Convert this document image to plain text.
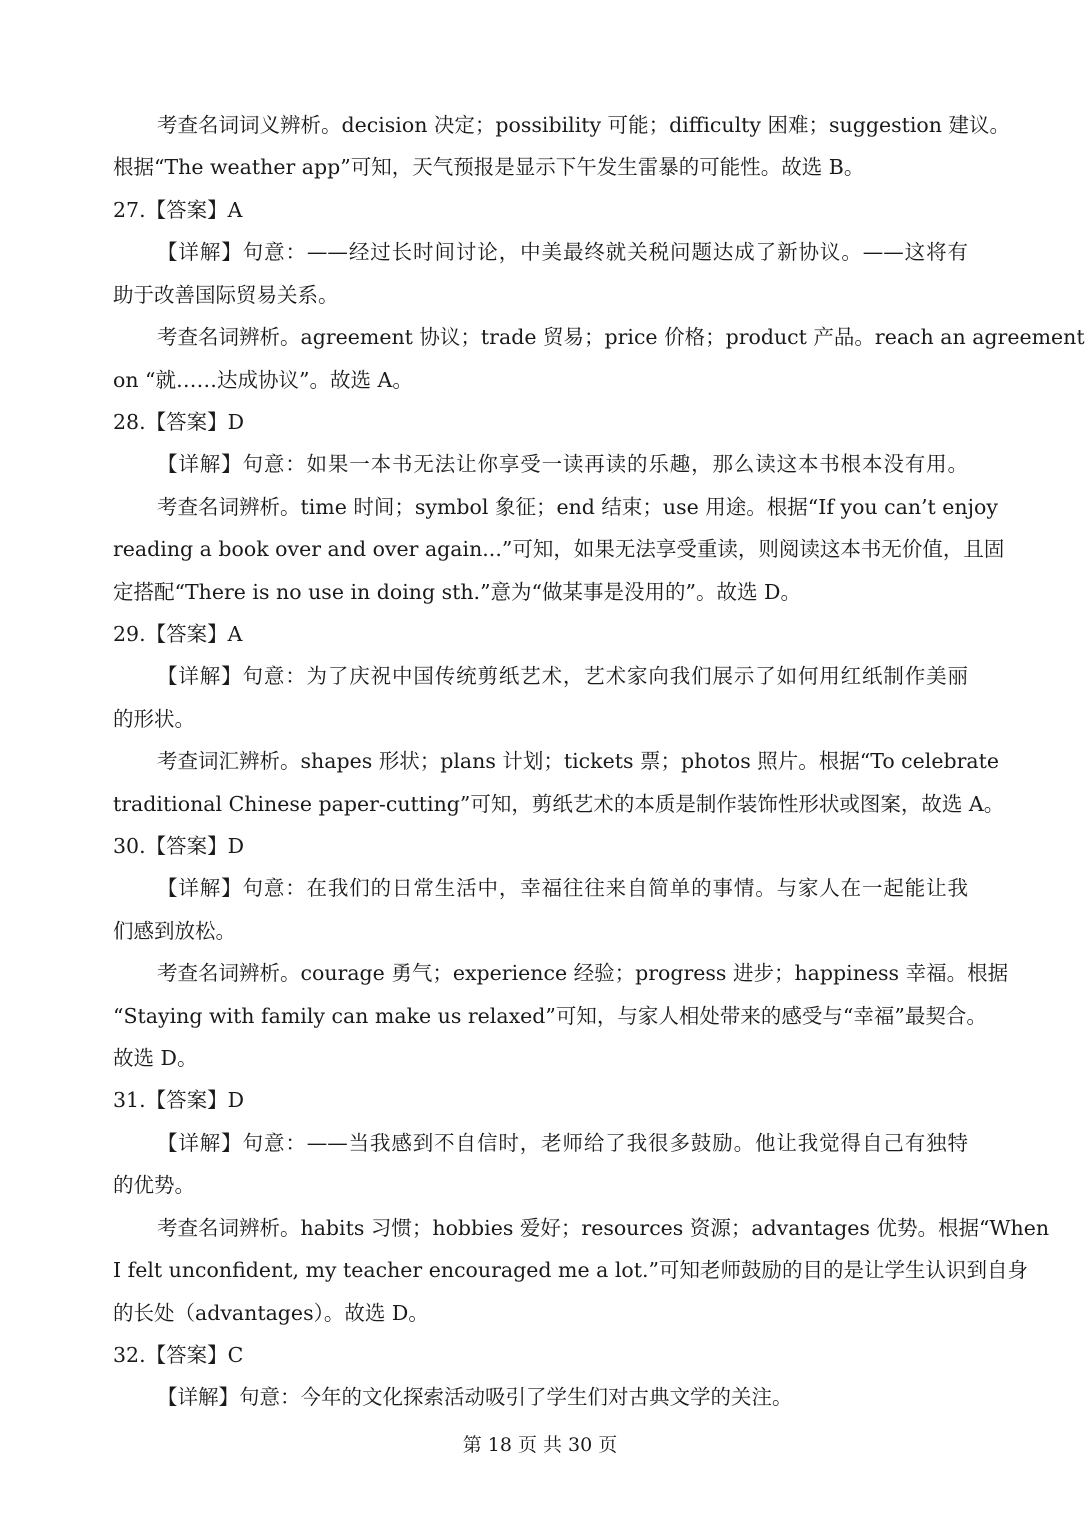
考查名词词义辨析。decision 决定；possibility 可能；difficulty 困难；suggestion 建议。
根据“The weather app”可知，天气预报是显示下午发生雷暴的可能性。故选 B。
27.【答案】A
【详解】句意：——经过长时间讨论，中美最终就关税问题达成了新协议。——这将有
助于改善国际贸易关系。
考查名词辨析。agreement 协议；trade 贸易；price 价格；product 产品。reach an agreement
on “就……达成协议”。故选 A。
28.【答案】D
【详解】句意：如果一本书无法让你享受一读再读的乐趣，那么读这本书根本没有用。
考查名词辨析。time 时间；symbol 象征；end 结束；use 用途。根据“If you can’t enjoy
reading a book over and over again...”可知，如果无法享受重读，则阅读这本书无价值，且固
定搭配“There is no use in doing sth.”意为“做某事是没用的”。故选 D。
29.【答案】A
【详解】句意：为了庆祝中国传统剪纸艺术，艺术家向我们展示了如何用红纸制作美丽
的形状。
考查词汇辨析。shapes 形状；plans 计划；tickets 票；photos 照片。根据“To celebrate
traditional Chinese paper-cutting”可知，剪纸艺术的本质是制作装饰性形状或图案，故选 A。
30.【答案】D
【详解】句意：在我们的日常生活中，幸福往往来自简单的事情。与家人在一起能让我
们感到放松。
考查名词辨析。courage 勇气；experience 经验；progress 进步；happiness 幸福。根据
“Staying with family can make us relaxed”可知，与家人相处带来的感受与“幸福”最契合。
故选 D。
31.【答案】D
【详解】句意：——当我感到不自信时，老师给了我很多鼓励。他让我觉得自己有独特
的优势。
考查名词辨析。habits 习惯；hobbies 爱好；resources 资源；advantages 优势。根据“When
I felt unconfident, my teacher encouraged me a lot.”可知老师鼓励的目的是让学生认识到自身
的长处（advantages）。故选 D。
32.【答案】C
【详解】句意：今年的文化探索活动吸引了学生们对古典文学的关注。
第 18 页 共 30 页
